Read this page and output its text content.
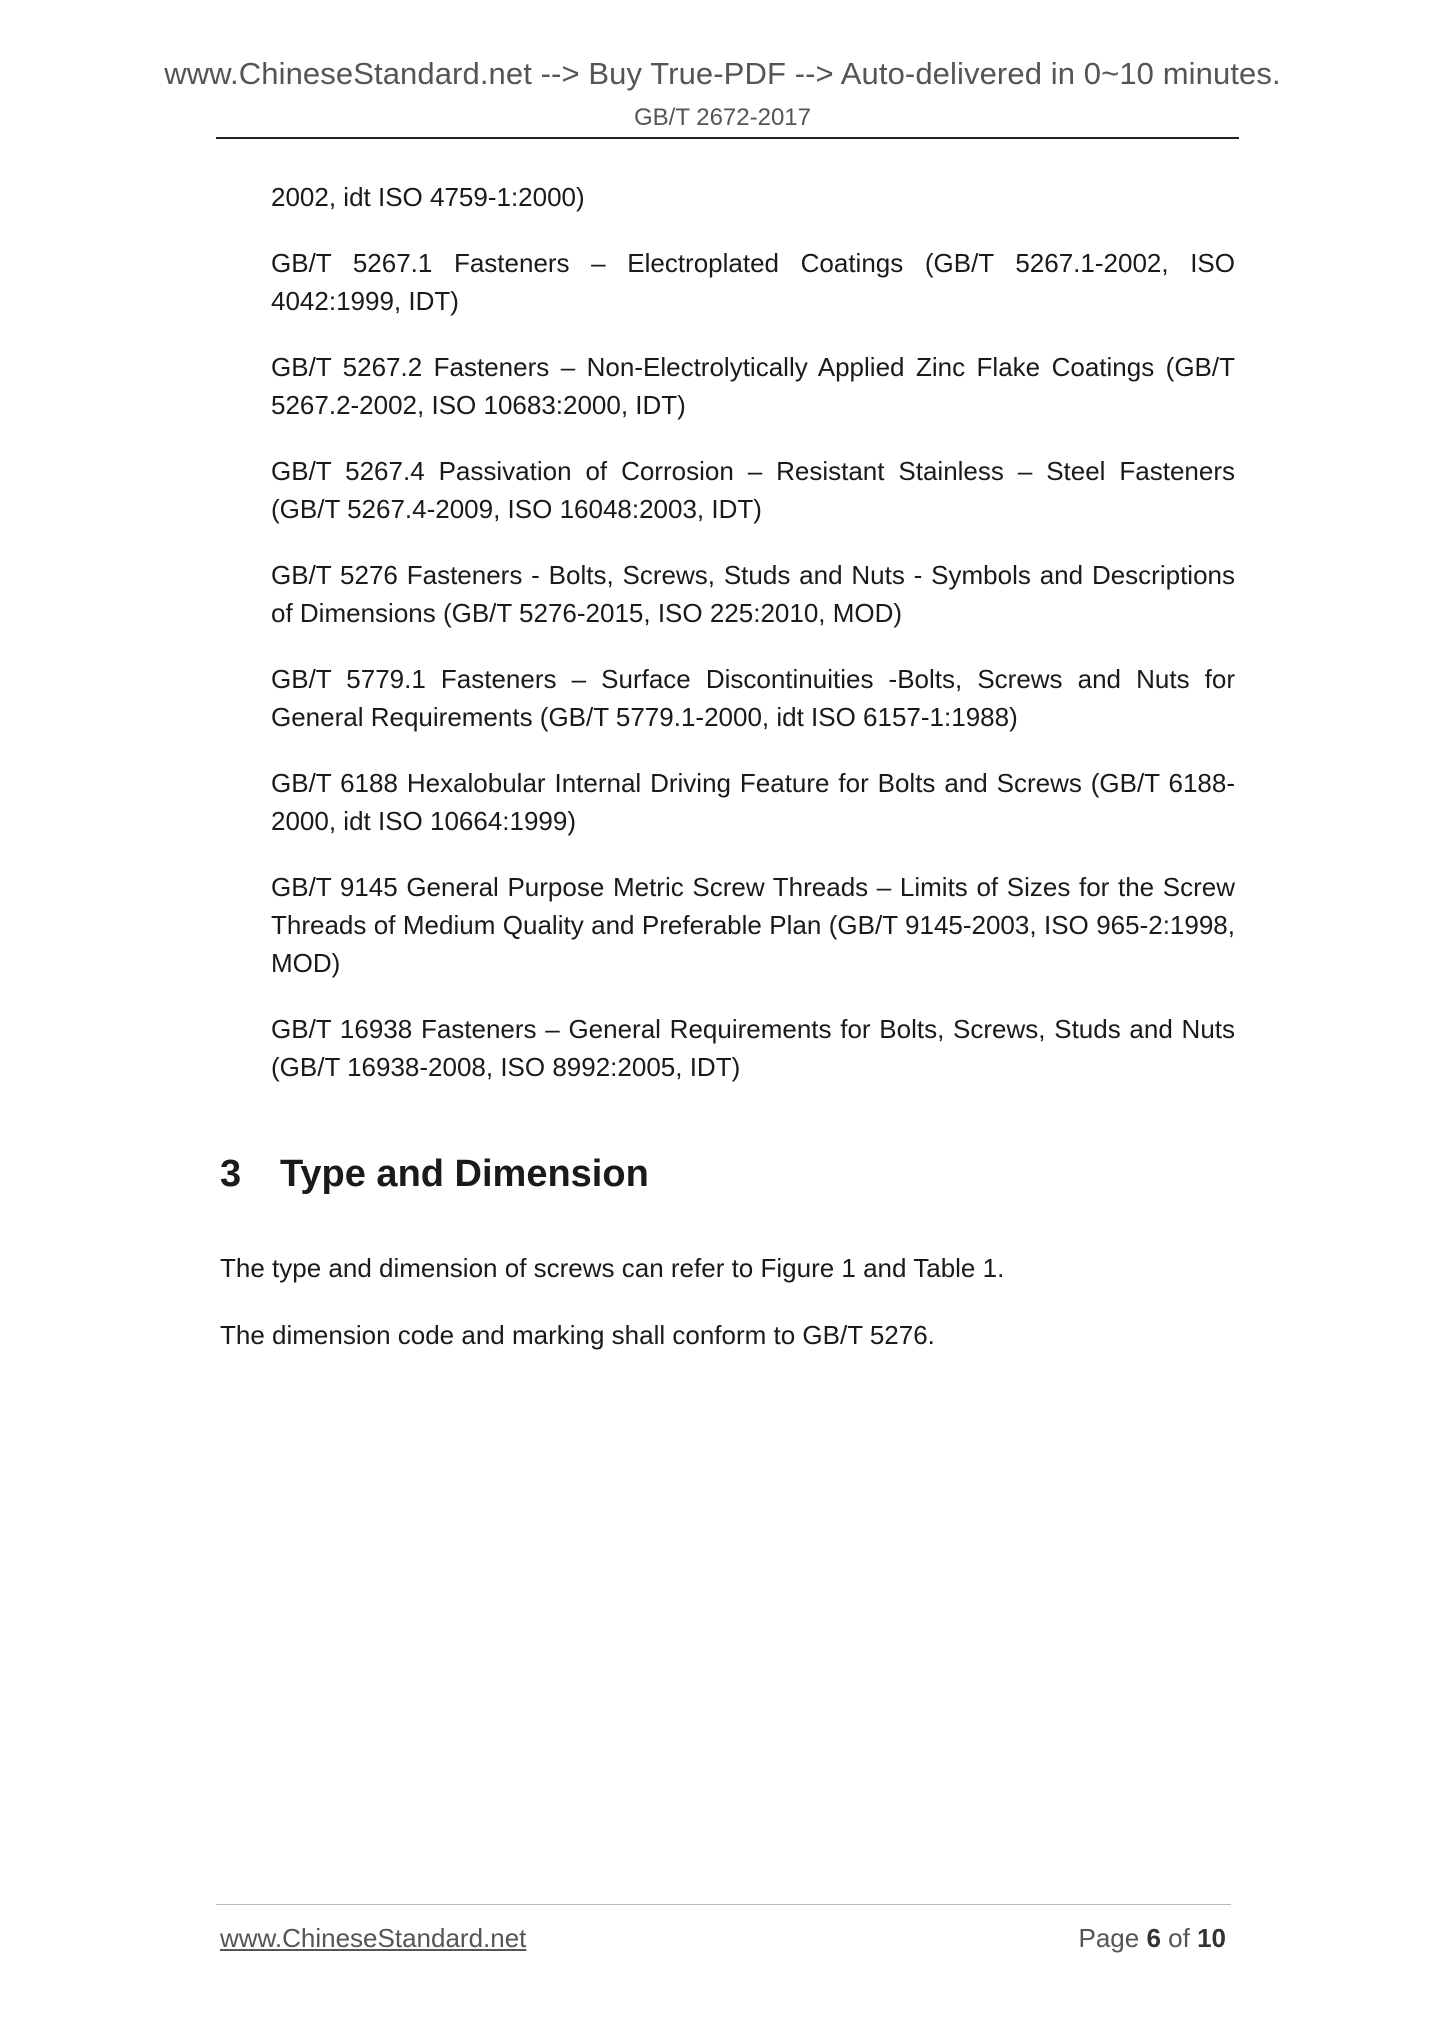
www.ChineseStandard.net --> Buy True-PDF --> Auto-delivered in 0~10 minutes.
GB/T 2672-2017

2002, idt ISO 4759-1:2000)

GB/T 5267.1 Fasteners – Electroplated Coatings (GB/T 5267.1-2002, ISO 4042:1999, IDT)

GB/T 5267.2 Fasteners – Non-Electrolytically Applied Zinc Flake Coatings (GB/T 5267.2-2002, ISO 10683:2000, IDT)

GB/T 5267.4 Passivation of Corrosion – Resistant Stainless – Steel Fasteners (GB/T 5267.4-2009, ISO 16048:2003, IDT)

GB/T 5276 Fasteners - Bolts, Screws, Studs and Nuts - Symbols and Descriptions of Dimensions (GB/T 5276-2015, ISO 225:2010, MOD)

GB/T 5779.1 Fasteners – Surface Discontinuities -Bolts, Screws and Nuts for General Requirements (GB/T 5779.1-2000, idt ISO 6157-1:1988)

GB/T 6188 Hexalobular Internal Driving Feature for Bolts and Screws (GB/T 6188-2000, idt ISO 10664:1999)

GB/T 9145 General Purpose Metric Screw Threads – Limits of Sizes for the Screw Threads of Medium Quality and Preferable Plan (GB/T 9145-2003, ISO 965-2:1998, MOD)

GB/T 16938 Fasteners – General Requirements for Bolts, Screws, Studs and Nuts (GB/T 16938-2008, ISO 8992:2005, IDT)

3	Type and Dimension
The type and dimension of screws can refer to Figure 1 and Table 1.
The dimension code and marking shall conform to GB/T 5276.
www.ChineseStandard.net	Page 6 of 10
